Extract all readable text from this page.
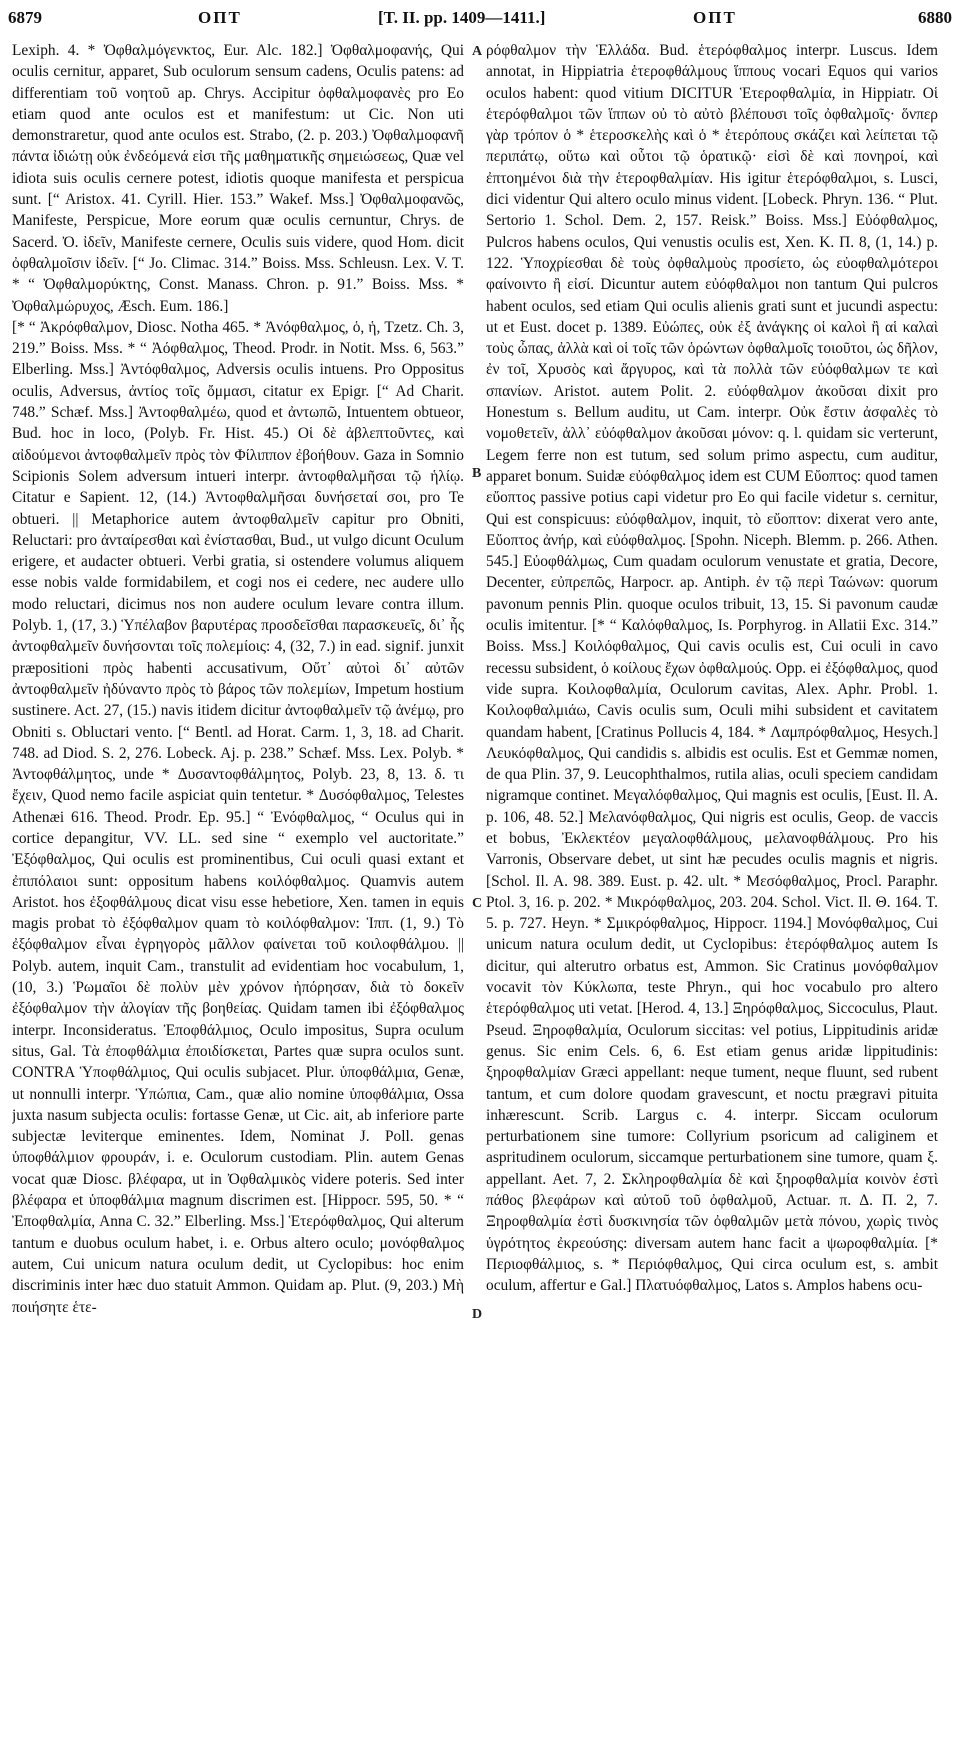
6879	ΟΠΤ	[T. II. pp. 1409—1411.]	ΟΠΤ	6880

Lexiph. 4. * Ὀφθαλμόγενκτος, Eur. Alc. 182.] Ὀφθαλμοφανής, Qui oculis cernitur, apparet, Sub oculorum sensum cadens, Oculis patens: ad differentiam τοῦ νοητοῦ ap. Chrys. Accipitur ὀφθαλμοφανὲς pro Eo etiam quod ante oculos est et manifestum: ut Cic. Non uti demonstraretur, quod ante oculos est. Strabo, (2. p. 203.) Ὀφθαλμοφανῆ πάντα ἰδιώτῃ οὐκ ἐνδεόμενά εἰσι τῆς μαθηματικῆς σημειώσεως, Quæ vel idiota suis oculis cernere potest, idiotis quoque manifesta et perspicua sunt. [“ Aristox. 41. Cyrill. Hier. 153.” Wakef. Mss.] Ὀφθαλμοφανῶς, Manifeste, Perspicue, More eorum quæ oculis cernuntur, Chrys. de Sacerd. Ὀ. ἰδεῖν, Manifeste cernere, Oculis suis videre, quod Hom. dicit ὀφθαλμοῖσιν ἰδεῖν. [“ Jo. Climac. 314.” Boiss. Mss. Schleusn. Lex. V. T. * “ Ὀφθαλμορύκτης, Const. Manass. Chron. p. 91.” Boiss. Mss. * Ὀφθαλμώρυχος, Æsch. Eum. 186.]

[* “ Ἀκρόφθαλμον, Diosc. Notha 465. * Ἀνόφθαλμος, ὁ, ἡ, Tzetz. Ch. 3, 219.” Boiss. Mss. * “ Ἀόφθαλμος, Theod. Prodr. in Notit. Mss. 6, 563.” Elberling. Mss.] Ἀντόφθαλμος, Adversis oculis intuens. Pro Oppositus oculis, Adversus, ἀντίος τοῖς ὄμμασι, citatur ex Epigr. [“ Ad Charit. 748.” Schæf. Mss.] Ἀντοφθαλμέω, quod et ἀντωπῶ, Intuentem obtueor, Bud. hoc in loco, (Polyb. Fr. Hist. 45.) Οἱ δὲ ἀβλεπτοῦντες, καὶ αἰδούμενοι ἀντοφθαλμεῖν πρὸς τὸν Φίλιππον ἐβοήθουν. Gaza in Somnio Scipionis Solem adversum intueri interpr. ἀντοφθαλμῆσαι τῷ ἡλίῳ. Citatur e Sapient. 12, (14.) Ἀντοφθαλμῆσαι δυνήσεταί σοι, pro Te obtueri. || Metaphorice autem ἀντοφθαλμεῖν capitur pro Obniti, Reluctari: pro ἀνταίρεσθαι καὶ ἐνίστασθαι, Bud., ut vulgo dicunt Oculum erigere, et audacter obtueri. Verbi gratia, si ostendere volumus aliquem esse nobis valde formidabilem, et cogi nos ei cedere, nec audere ullo modo reluctari, dicimus nos non audere oculum levare contra illum. Polyb. 1, (17, 3.) Ὑπέλαβον βαρυτέρας προσδεῖσθαι παρασκευεῖς, δι᾽ ἧς ἀντοφθαλμεῖν δυνήσονται τοῖς πολεμίοις: 4, (32, 7.) in ead. signif. junxit præpositioni πρὸς habenti accusativum, Οὔτ᾽ αὐτοὶ δι᾽ αὐτῶν ἀντοφθαλμεῖν ἠδύναντο πρὸς τὸ βάρος τῶν πολεμίων, Impetum hostium sustinere. Act. 27, (15.) navis itidem dicitur ἀντοφθαλμεῖν τῷ ἀνέμῳ, pro Obniti s. Obluctari vento. [“ Bentl. ad Horat. Carm. 1, 3, 18. ad Charit. 748. ad Diod. S. 2, 276. Lobeck. Aj. p. 238.” Schæf. Mss. Lex. Polyb. * Ἀντοφθάλμητος, unde * Δυσαντοφθάλμητος, Polyb. 23, 8, 13. δ. τι ἔχειν, Quod nemo facile aspiciat quin tentetur. * Δυσόφθαλμος, Telestes Athenæi 616. Theod. Prodr. Ep. 95.] “ Ἐνόφθαλμος, “ Oculus qui in cortice depangitur, VV. LL. sed sine “ exemplo vel auctoritate.” Ἐξόφθαλμος, Qui oculis est prominentibus, Cui oculi quasi extant et ἐπιπόλαιοι sunt: oppositum habens κοιλόφθαλμος. Quamvis autem Aristot. hos ἐξοφθάλμους dicat visu esse hebetiore, Xen. tamen in equis magis probat τὸ ἐξόφθαλμον quam τὸ κοιλόφθαλμον: Ἱππ. (1, 9.) Τὸ ἐξόφθαλμον εἶναι ἐγρηγορὸς μᾶλλον φαίνεται τοῦ κοιλοφθάλμου. || Polyb. autem, inquit Cam., transtulit ad evidentiam hoc vocabulum, 1, (10, 3.) Ῥωμαῖοι δὲ πολὺν μὲν χρόνον ἠπόρησαν, διὰ τὸ δοκεῖν ἐξόφθαλμον τὴν ἀλογίαν τῆς βοηθείας. Quidam tamen ibi ἐξόφθαλμος interpr. Inconsideratus. Ἐποφθάλμιος, Oculo impositus, Supra oculum situs, Gal. Τὰ ἐποφθάλμια ἐποιδίσκεται, Partes quæ supra oculos sunt. CONTRA Ὑποφθάλμιος, Qui oculis subjacet. Plur. ὑποφθάλμια, Genæ, ut nonnulli interpr. Ὑπώπια, Cam., quæ alio nomine ὑποφθάλμια, Ossa juxta nasum subjecta oculis: fortasse Genæ, ut Cic. ait, ab inferiore parte subjectæ leviterque eminentes. Idem, Nominat J. Poll. genas ὑποφθάλμιον φρουράν, i. e. Oculorum custodiam. Plin. autem Genas vocat quæ Diosc. βλέφαρα, ut in Ὀφθαλμικὸς videre poteris. Sed inter βλέφαρα et ὑποφθάλμια magnum discrimen est. [Hippocr. 595, 50. * “ Ἐποφθαλμία, Anna C. 32.” Elberling. Mss.] Ἑτερόφθαλμος, Qui alterum tantum e duobus oculum habet, i. e. Orbus altero oculo; μονόφθαλμος autem, Cui unicum natura oculum dedit, ut Cyclopibus: hoc enim discriminis inter hæc duo statuit Ammon. Quidam ap. Plut. (9, 203.) Μὴ ποιήσητε ἑτε-

A
B
C
D

ρόφθαλμον τὴν Ἑλλάδα. Bud. ἑτερόφθαλμος interpr. Luscus. Idem annotat, in Hippiatria ἑτεροφθάλμους ἵππους vocari Equos qui varios oculos habent: quod vitium DICITUR Ἑτεροφθαλμία, in Hippiatr. Οἱ ἑτερόφθαλμοι τῶν ἵππων οὐ τὸ αὐτὸ βλέπουσι τοῖς ὀφθαλμοῖς· ὅνπερ γὰρ τρόπον ὁ * ἑτεροσκελὴς καὶ ὁ * ἑτερόπους σκάζει καὶ λείπεται τῷ περιπάτῳ, οὕτω καὶ οὗτοι τῷ ὁρατικῷ· εἰσὶ δὲ καὶ πονηροί, καὶ ἐπτοημένοι διὰ τὴν ἑτεροφθαλμίαν. His igitur ἑτερόφθαλμοι, s. Lusci, dici videntur Qui altero oculo minus vident. [Lobeck. Phryn. 136. “ Plut. Sertorio 1. Schol. Dem. 2, 157. Reisk.” Boiss. Mss.] Εὐόφθαλμος, Pulcros habens oculos, Qui venustis oculis est, Xen. K. Π. 8, (1, 14.) p. 122. Ὑποχρίεσθαι δὲ τοὺς ὀφθαλμοὺς προσίετο, ὡς εὐοφθαλμότεροι φαίνοιντο ἢ εἰσί. Dicuntur autem εὐόφθαλμοι non tantum Qui pulcros habent oculos, sed etiam Qui oculis alienis grati sunt et jucundi aspectu: ut et Eust. docet p. 1389. Εὐώπες, οὐκ ἐξ ἀνάγκης οἱ καλοὶ ἢ αἱ καλαὶ τοὺς ὦπας, ἀλλὰ καὶ οἱ τοῖς τῶν ὁρώντων ὀφθαλμοῖς τοιοῦτοι, ὡς δῆλον, ἐν τοῖ, Χρυσὸς καὶ ἄργυρος, καὶ τὰ πολλὰ τῶν εὐόφθαλμων τε καὶ σπανίων. Aristot. autem Polit. 2. εὐόφθαλμον ἀκοῦσαι dixit pro Honestum s. Bellum auditu, ut Cam. interpr. Οὐκ ἔστιν ἀσφαλὲς τὸ νομοθετεῖν, ἀλλ᾽ εὐόφθαλμον ἀκοῦσαι μόνον: q. l. quidam sic verterunt, Legem ferre non est tutum, sed solum primo aspectu, cum auditur, apparet bonum. Suidæ εὐόφθαλμος idem est CUM Εὔοπτος: quod tamen εὔοπτος passive potius capi videtur pro Eo qui facile videtur s. cernitur, Qui est conspicuus: εὐόφθαλμον, inquit, τὸ εὔοπτον: dixerat vero ante, Εὔοπτος ἀνήρ, καὶ εὐόφθαλμος. [Spohn. Niceph. Blemm. p. 266. Athen. 545.] Εὐοφθάλμως, Cum quadam oculorum venustate et gratia, Decore, Decenter, εὐπρεπῶς, Harpocr. ap. Antiph. ἐν τῷ περὶ Ταώνων: quorum pavonum pennis Plin. quoque oculos tribuit, 13, 15. Si pavonum caudæ oculis imitentur. [* “ Καλόφθαλμος, Is. Porphyrog. in Allatii Exc. 314.” Boiss. Mss.] Κοιλόφθαλμος, Qui cavis oculis est, Cui oculi in cavo recessu subsident, ὁ κοίλους ἔχων ὀφθαλμούς. Opp. ei ἐξόφθαλμος, quod vide supra. Κοιλοφθαλμία, Oculorum cavitas, Alex. Aphr. Probl. 1. Κοιλοφθαλμιάω, Cavis oculis sum, Oculi mihi subsident et cavitatem quandam habent, [Cratinus Pollucis 4, 184. * Λαμπρόφθαλμος, Hesych.] Λευκόφθαλμος, Qui candidis s. albidis est oculis. Est et Gemmæ nomen, de qua Plin. 37, 9. Leucophthalmos, rutila alias, oculi speciem candidam nigramque continet. Μεγαλόφθαλμος, Qui magnis est oculis, [Eust. Il. A. p. 106, 48. 52.] Μελανόφθαλμος, Qui nigris est oculis, Geop. de vaccis et bobus, Ἐκλεκτέον μεγαλοφθάλμους, μελανοφθάλμους. Pro his Varronis, Observare debet, ut sint hæ pecudes oculis magnis et nigris. [Schol. Il. A. 98. 389. Eust. p. 42. ult. * Μεσόφθαλμος, Procl. Paraphr. Ptol. 3, 16. p. 202. * Μικρόφθαλμος, 203. 204. Schol. Vict. Il. Θ. 164. T. 5. p. 727. Heyn. * Σμικρόφθαλμος, Hippocr. 1194.] Μονόφθαλμος, Cui unicum natura oculum dedit, ut Cyclopibus: ἑτερόφθαλμος autem Is dicitur, qui alterutro orbatus est, Ammon. Sic Cratinus μονόφθαλμον vocavit τὸν Κύκλωπα, teste Phryn., qui hoc vocabulo pro altero ἑτερόφθαλμος uti vetat. [Herod. 4, 13.] Ξηρόφθαλμος, Siccoculus, Plaut. Pseud. Ξηροφθαλμία, Oculorum siccitas: vel potius, Lippitudinis aridæ genus. Sic enim Cels. 6, 6. Est etiam genus aridæ lippitudinis: ξηροφθαλμίαν Græci appellant: neque tument, neque fluunt, sed rubent tantum, et cum dolore quodam gravescunt, et noctu prægravi pituita inhærescunt. Scrib. Largus c. 4. interpr. Siccam oculorum perturbationem sine tumore: Collyrium psoricum ad caliginem et aspritudinem oculorum, siccamque perturbationem sine tumore, quam ξ. appellant. Aet. 7, 2. Σκληροφθαλμία δὲ καὶ ξηροφθαλμία κοινὸν ἐστὶ πάθος βλεφάρων καὶ αὐτοῦ τοῦ ὀφθαλμοῦ, Actuar. π. Δ. Π. 2, 7. Ξηροφθαλμία ἐστὶ δυσκινησία τῶν ὀφθαλμῶν μετὰ πόνου, χωρὶς τινὸς ὑγρότητος ἐκρεούσης: diversam autem hanc facit a ψωροφθαλμία. [* Περιοφθάλμιος, s. * Περιόφθαλμος, Qui circa oculum est, s. ambit oculum, affertur e Gal.] Πλατυόφθαλμος, Latos s. Amplos habens ocu-
